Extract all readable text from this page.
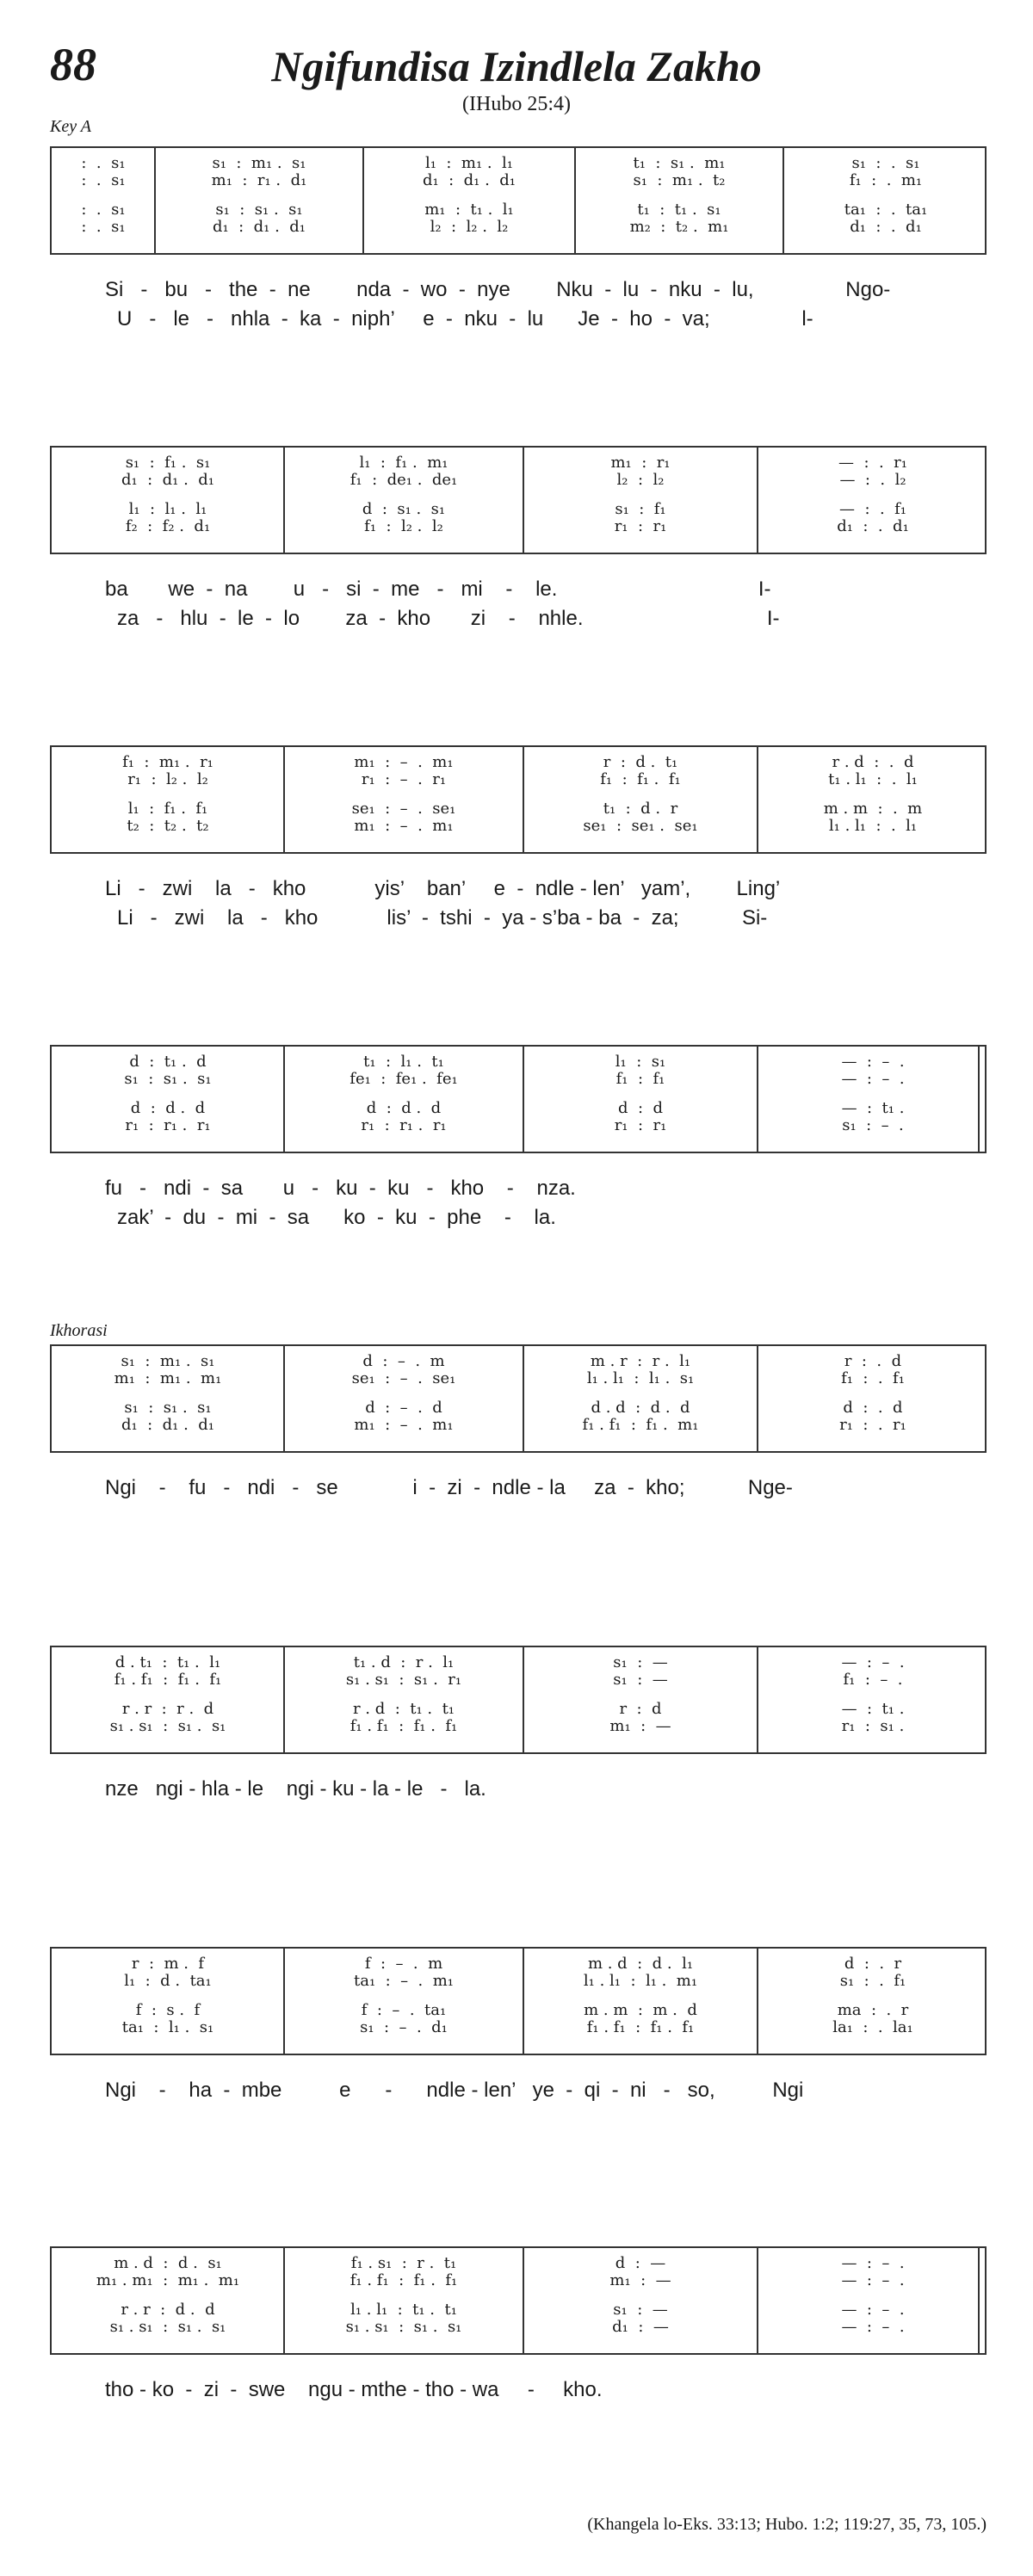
88	Ngifundisa Izindlela Zakho
(IHubo 25:4)
Key A
Ikhorasi
:  .  s₁	s₁  :  m₁ .  s₁	l₁  :  m₁ .  l₁	t₁  :  s₁ .  m₁	s₁  :  .  s₁
:  .  s₁	m₁  :  r₁ .  d₁	d₁  :  d₁ .  d₁	s₁  :  m₁ .  t₂	f₁  :  .  m₁
:  .  s₁	s₁  :  s₁ .  s₁	m₁  :  t₁ .  l₁	t₁  :  t₁ .  s₁	ta₁  :  .  ta₁
:  .  s₁	d₁  :  d₁ .  d₁	l₂  :  l₂ .  l₂	m₂  :  t₂ .  m₁	d₁  :  .  d₁
Si   -   bu   -   the  -  ne        nda  -  wo  -  nye        Nku  -  lu  -  nku  -  lu,                Ngo-
U   -   le   -   nhla  -  ka  -  niph’     e  -  nku  -  lu      Je  -  ho  -  va;                l-
s₁  :  f₁ .  s₁	l₁  :  f₁ .  m₁	m₁  :  r₁	—  :  .  r₁
d₁  :  d₁ .  d₁	f₁  :  de₁ .  de₁	l₂  :  l₂	—  :  .  l₂
l₁  :  l₁ .  l₁	d  :  s₁ .  s₁	s₁  :  f₁	—  :  .  f₁
f₂  :  f₂ .  d₁	f₁  :  l₂ .  l₂	r₁  :  r₁	d₁  :  .  d₁
ba       we  -  na        u   -   si  -  me   -   mi    -    le.                                   I-
za   -   hlu  -  le  -  lo        za  -  kho       zi    -    nhle.                                I-
f₁  :  m₁ .  r₁	m₁  :  –  .  m₁	r  :  d .  t₁	r . d  :  .  d
r₁  :  l₂ .  l₂	r₁  :  –  .  r₁	f₁  :  f₁ .  f₁	t₁ . l₁  :  .  l₁
l₁  :  f₁ .  f₁	se₁  :  –  .  se₁	t₁  :  d .  r	m . m  :  .  m
t₂  :  t₂ .  t₂	m₁  :  –  .  m₁	se₁  :  se₁ .  se₁	l₁ . l₁  :  .  l₁
Li   -   zwi    la   -   kho            yis’    ban’     e  -  ndle - len’   yam’,        Ling’
Li   -   zwi    la   -   kho            lis’  -  tshi  -  ya - s’ba - ba  -  za;           Si-
d  :  t₁ .  d	t₁  :  l₁ .  t₁	l₁  :  s₁	—  :  –  .
s₁  :  s₁ .  s₁	fe₁  :  fe₁ .  fe₁	f₁  :  f₁	—  :  –  .
d  :  d .  d	d  :  d .  d	d  :  d	—  :  t₁ .
r₁  :  r₁ .  r₁	r₁  :  r₁ .  r₁	r₁  :  r₁	s₁  :  –  .
fu   -   ndi  -  sa       u   -   ku  -  ku   -   kho    -    nza.
zak’  -  du  -  mi  -  sa      ko  -  ku  -  phe    -    la.
s₁  :  m₁ .  s₁	d  :  –  .  m	m . r  :  r .  l₁	r  :  .  d
m₁  :  m₁ .  m₁	se₁  :  –  .  se₁	l₁ . l₁  :  l₁ .  s₁	f₁  :  .  f₁
s₁  :  s₁ .  s₁	d  :  –  .  d	d . d  :  d .  d	d  :  .  d
d₁  :  d₁ .  d₁	m₁  :  –  .  m₁	f₁ . f₁  :  f₁ .  m₁	r₁  :  .  r₁
Ngi    -    fu   -   ndi   -   se             i  -  zi  -  ndle - la     za  -  kho;           Nge-
d . t₁  :  t₁ .  l₁	t₁ . d  :  r .  l₁	s₁  :  —	—  :  –  .
f₁ . f₁  :  f₁ .  f₁	s₁ . s₁  :  s₁ .  r₁	s₁  :  —	f₁  :  –  .
r . r  :  r .  d	r . d  :  t₁ .  t₁	r  :  d	—  :  t₁ .
s₁ . s₁  :  s₁ .  s₁	f₁ . f₁  :  f₁ .  f₁	m₁  :  —	r₁  :  s₁ .
nze   ngi - hla - le    ngi - ku - la - le   -   la.
r  :  m .  f	f  :  –  .  m	m . d  :  d .  l₁	d  :  .  r
l₁  :  d .  ta₁	ta₁  :  –  .  m₁	l₁ . l₁  :  l₁ .  m₁	s₁  :  .  f₁
f  :  s .  f	f  :  –  .  ta₁	m . m  :  m .  d	ma  :  .  r
ta₁  :  l₁ .  s₁	s₁  :  –  .  d₁	f₁ . f₁  :  f₁ .  f₁	la₁  :  .  la₁
Ngi    -    ha  -  mbe          e      -      ndle - len’   ye  -  qi  -  ni   -   so,          Ngi
m . d  :  d .  s₁	f₁ . s₁  :  r .  t₁	d  :  —	—  :  –  .
m₁ . m₁  :  m₁ .  m₁	f₁ . f₁  :  f₁ .  f₁	m₁  :  —	—  :  –  .
r . r  :  d .  d	l₁ . l₁  :  t₁ .  t₁	s₁  :  —	—  :  –  .
s₁ . s₁  :  s₁ .  s₁	s₁ . s₁  :  s₁ .  s₁	d₁  :  —	—  :  –  .
tho - ko  -  zi  -  swe    ngu - mthe - tho - wa     -     kho.
(Khangela lo-Eks. 33:13; Hubo. 1:2; 119:27, 35, 73, 105.)
